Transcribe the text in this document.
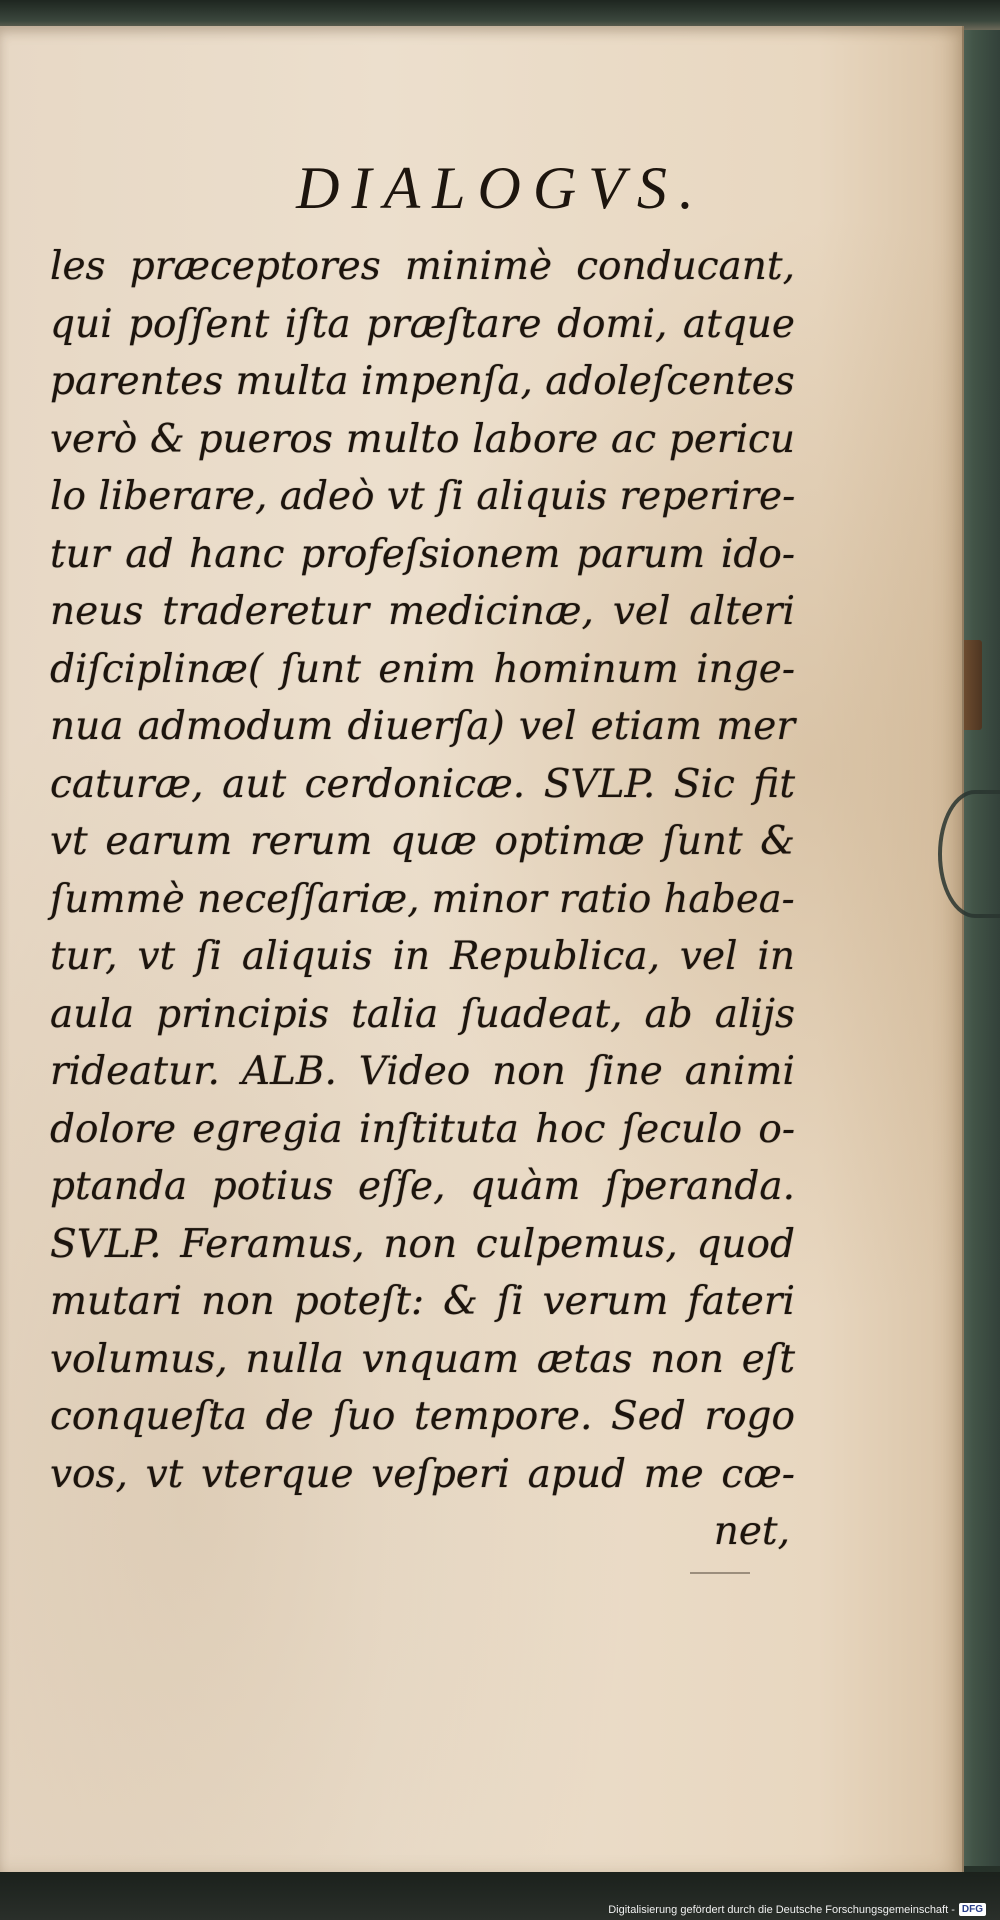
DIALOGVS.
les præceptores minimè conducant,
qui poſſent iſta præſtare domi, atque
parentes multa impenſa, adoleſcentes
verò & pueros multo labore ac pericu
lo liberare, adeò vt ſi aliquis reperire-
tur ad hanc profeſsionem parum ido-
neus traderetur medicinæ, vel alteri
diſciplinæ( ſunt enim hominum inge-
nua admodum diuerſa) vel etiam mer
caturæ, aut cerdonicæ. SVLP. Sic fit
vt earum rerum quæ optimæ ſunt &
ſummè neceſſariæ, minor ratio habea-
tur, vt ſi aliquis in Republica, vel in
aula principis talia ſuadeat, ab aliјs
rideatur. ALB. Video non ſine animi
dolore egregia inſtituta hoc ſeculo o-
ptanda potius eſſe, quàm ſperanda.
SVLP. Feramus, non culpemus, quod
mutari non poteſt: & ſi verum fateri
volumus, nulla vnquam ætas non eſt
conqueſta de ſuo tempore. Sed rogo
vos, vt vterque veſperi apud me cœ-
net,
Digitalisierung gefördert durch die Deutsche Forschungsgemeinschaft - DFG
